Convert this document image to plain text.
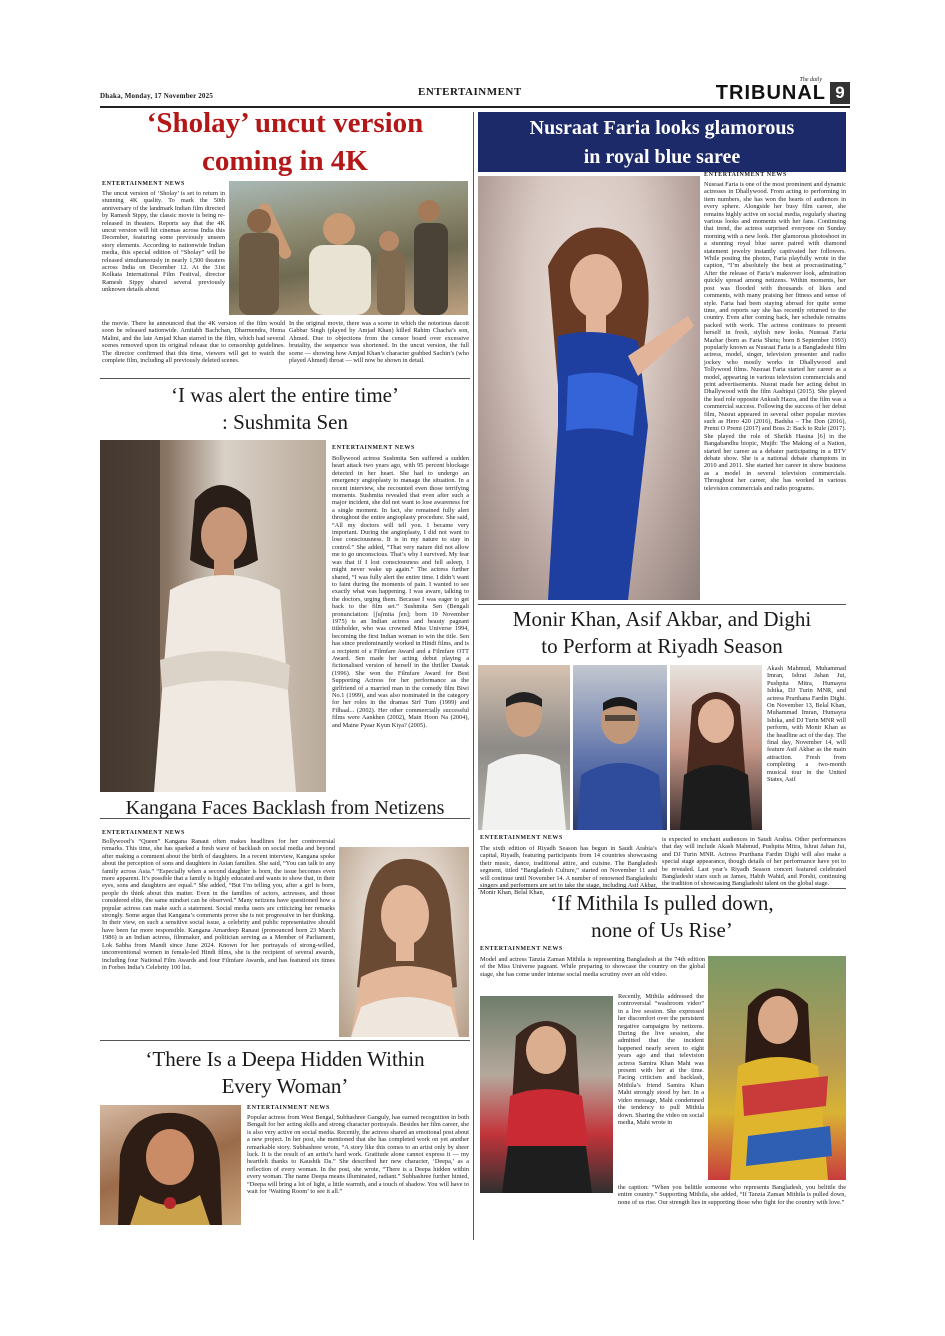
Dhaka, Monday, 17 November 2025	ENTERTAINMENT
The daily
TRIBUNAL 9
‘Sholay’ uncut version
coming in 4K
ENTERTAINMENT NEWS
The uncut version of ‘Sholay’ is set to return in stunning 4K quality. To mark the 50th anniversary of the landmark Indian film directed by Ramesh Sippy, the classic movie is being re-released in theaters. Reports say that the 4K uncut version will hit cinemas across India this December, featuring some previously unseen story elements. According to nationwide Indian media, this special edition of “Sholay” will be released simultaneously in nearly 1,500 theaters across India on December 12. At the 31st Kolkata International Film Festival, director Ramesh Sippy shared several previously unknown details about
the movie. There he announced that the 4K version of the film would soon be released nationwide. Amitabh Bachchan, Dharmendra, Hema Malini, and the late Amjad Khan starred in the film, which had several scenes removed upon its original release due to censorship guidelines. The director confirmed that this time, viewers will get to watch the complete film, including all previously deleted scenes.
In the original movie, there was a scene in which the notorious dacoit Gabbar Singh (played by Amjad Khan) killed Rahim Chacha’s son, Ahmed. Due to objections from the censor board over excessive brutality, the sequence was shortened. In the uncut version, the full scene — showing how Amjad Khan’s character grabbed Sachin’s (who played Ahmed) throat — will now be shown in detail.
‘I was alert the entire time’
: Sushmita Sen
ENTERTAINMENT NEWS
Bollywood actress Sushmita Sen suffered a sudden heart attack two years ago, with 95 percent blockage detected in her heart. She had to undergo an emergency angioplasty to manage the situation. In a recent interview, she recounted even those terrifying moments. Sushmita revealed that even after such a major incident, she did not want to lose awareness for a single moment. In fact, she remained fully alert throughout the entire angioplasty procedure. She said, “All my doctors will tell you. I became very important. During the angioplasty, I did not want to lose consciousness. It is in my nature to stay in control.” She added, “That very nature did not allow me to go unconscious. That’s why I survived. My fear was that if I lost consciousness and fell asleep, I might never wake up again.” The actress further shared, “I was fully alert the entire time. I didn’t want to faint during the moments of pain. I wanted to see exactly what was happening. I was aware, talking to the doctors, urging them. Because I was eager to get back to the film set.” Sushmita Sen (Bengali pronunciation: [ʃuʃmita ʃen]; born 19 November 1975) is an Indian actress and beauty pageant titleholder, who was crowned Miss Universe 1994, becoming the first Indian woman to win the title. Sen has since predominantly worked in Hindi films, and is a recipient of a Filmfare Award and a Filmfare OTT Award. Sen made her acting debut playing a fictionalised version of herself in the thriller Dastak (1996). She won the Filmfare Award for Best Supporting Actress for her performance as the girlfriend of a married man in the comedy film Biwi No.1 (1999), and was also nominated in the category for her roles in the dramas Sirf Tum (1999) and Filhaal... (2002). Her other commercially successful films were Aankhen (2002), Main Hoon Na (2004), and Maine Pyaar Kyun Kiya? (2005).
Kangana Faces Backlash from Netizens
ENTERTAINMENT NEWS
Bollywood’s “Queen” Kangana Ranaut often makes headlines for her controversial remarks. This time, she has sparked a fresh wave of backlash on social media and beyond after making a comment about the birth of daughters. In a recent interview, Kangana spoke about the perception of sons and daughters in Asian families. She said, “You can talk to any family across Asia.” “Especially when a second daughter is born, the issue becomes even more apparent. It’s possible that a family is highly educated and wants to show that, in their eyes, sons and daughters are equal.” She added, “But I’m telling you, after a girl is born, people do think about this matter. Even in the families of actors, actresses, and those considered elite, the same mindset can be observed.” Many netizens have questioned how a popular actress can make such a statement. Social media users are criticizing her remarks strongly. Some argue that Kangana’s comments prove she is not progressive in her thinking. In their view, on such a sensitive social issue, a celebrity and public representative should have been far more responsible. Kangana Amardeep Ranaut (pronounced born 23 March 1986) is an Indian actress, filmmaker, and politician serving as a Member of Parliament, Lok Sabha from Mandi since June 2024. Known for her portrayals of strong-willed, unconventional women in female-led Hindi films, she is the recipient of several awards, including four National Film Awards and four Filmfare Awards, and has featured six times in Forbes India’s Celebrity 100 list.
‘There Is a Deepa Hidden Within
Every Woman’
ENTERTAINMENT NEWS
Popular actress from West Bengal, Subhashree Ganguly, has earned recognition in both Bengali for her acting skills and strong character portrayals. Besides her film career, she is also very active on social media. Recently, the actress shared an emotional post about a new project. In her post, she mentioned that she has completed work on yet another remarkable story. Subhashree wrote, “A story like this comes to an artist only by sheer luck. It is the result of an artist’s hard work. Gratitude alone cannot express it — my heartfelt thanks to Kaushik Da.” She described her new character, ‘Deepa,’ as a reflection of every woman. In the post, she wrote, “There is a Deepa hidden within every woman. The name Deepa means illuminated, radiant.” Subhashree further hinted, “Deepa will bring a lot of light, a little warmth, and a touch of shadow. You will have to wait for ‘Waiting Room’ to see it all.”
Nusraat Faria looks glamorous
in royal blue saree
ENTERTAINMENT NEWS
Nusraat Faria is one of the most prominent and dynamic actresses in Dhallywood. From acting to performing in item numbers, she has won the hearts of audiences in every sphere. Alongside her busy film career, she remains highly active on social media, regularly sharing various looks and moments with her fans. Continuing that trend, the actress surprised everyone on Sunday morning with a new look. Her glamorous photoshoot in a stunning royal blue saree paired with diamond statement jewelry instantly captivated her followers. While posting the photos, Faria playfully wrote in the caption, “I’m absolutely the best at procrastinating.” After the release of Faria’s makeover look, admiration quickly spread among netizens. Within moments, her post was flooded with thousands of likes and comments, with many praising her fitness and sense of style. Faria had been staying abroad for quite some time, and reports say she has recently returned to the country. Even after coming back, her schedule remains packed with work. The actress continues to present herself in fresh, stylish new looks. Nusraat Faria Mazhar (born as Faria Shetu; born 8 September 1993) popularly known as Nusraat Faria is a Bangladeshi film actress, model, singer, television presenter and radio jockey who mostly works in Dhallywood and Tollywood films. Nusraat Faria started her career as a model, appearing in various television commercials and print advertisements. Nusrat made her acting debut in Dhallywood with the film Aashiqui (2015). She played the lead role opposite Ankush Hazra, and the film was a commercial success. Following the success of her debut film, Nusrat appeared in several other popular movies such as Hero 420 (2016), Badsha – The Don (2016), Premi O Premi (2017) and Boss 2: Back to Rule (2017). She played the role of Sheikh Hasina [6] in the Bangabandhu biopic, Mujib: The Making of a Nation, started her career as a debater participating in a BTV debate show. She is a national debate champions in 2010 and 2011. She started her career in show business as a model in several television commercials. Throughout her career, she has worked in various television commercials and radio programs.
Monir Khan, Asif Akbar, and Dighi
to Perform at Riyadh Season
Akash Mahmud, Muhammad Imran, Ishrat Jahan Jui, Pushpita Mitra, Humayra Ishika, DJ Turin MNR, and actress Prarthana Fardin Dighi. On November 13, Belal Khan, Muhammad Imran, Humayra Ishika, and DJ Turin MNR will perform, with Monir Khan as the headline act of the day. The final day, November 14, will feature Asif Akbar as the main attraction. Fresh from completing a two-month musical tour in the United States, Asif
ENTERTAINMENT NEWS
The sixth edition of Riyadh Season has begun in Saudi Arabia’s capital, Riyadh, featuring participants from 14 countries showcasing their music, dance, traditional attire, and cuisine. The Bangladesh segment, titled “Bangladesh Culture,” started on November 11 and will continue until November 14. A number of renowned Bangladeshi singers and performers are set to take the stage, including Asif Akbar, Monir Khan, Belal Khan,
is expected to enchant audiences in Saudi Arabia. Other performances that day will include Akash Mahmud, Pushpita Mitra, Ishrat Jahan Jui, and DJ Turin MNR. Actress Prarthana Fardin Dighi will also make a special stage appearance, though details of her performance have yet to be revealed. Last year’s Riyadh Season concert featured celebrated Bangladeshi stars such as James, Habib Wahid, and Porshi, continuing the tradition of showcasing Bangladeshi talent on the global stage.
‘If Mithila Is pulled down,
none of Us Rise’
ENTERTAINMENT NEWS
Model and actress Tanzia Zaman Mithila is representing Bangladesh at the 74th edition of the Miss Universe pageant. While preparing to showcase the country on the global stage, she has come under intense social media scrutiny over an old video.
Recently, Mithila addressed the controversial “washroom video” in a live session. She expressed her discomfort over the persistent negative campaigns by netizens. During the live session, she admitted that the incident happened nearly seven to eight years ago and that television actress Samira Khan Mahi was present with her at the time. Facing criticism and backlash, Mithila’s friend Samira Khan Mahi strongly stood by her. In a video message, Mahi condemned the tendency to pull Mithila down. Sharing the video on social media, Mahi wrote in
the caption: “When you belittle someone who represents Bangladesh, you belittle the entire country.” Supporting Mithila, she added, “If Tanzia Zaman Mithila is pulled down, none of us rise. Our strength lies in supporting those who fight for the country with love.”
